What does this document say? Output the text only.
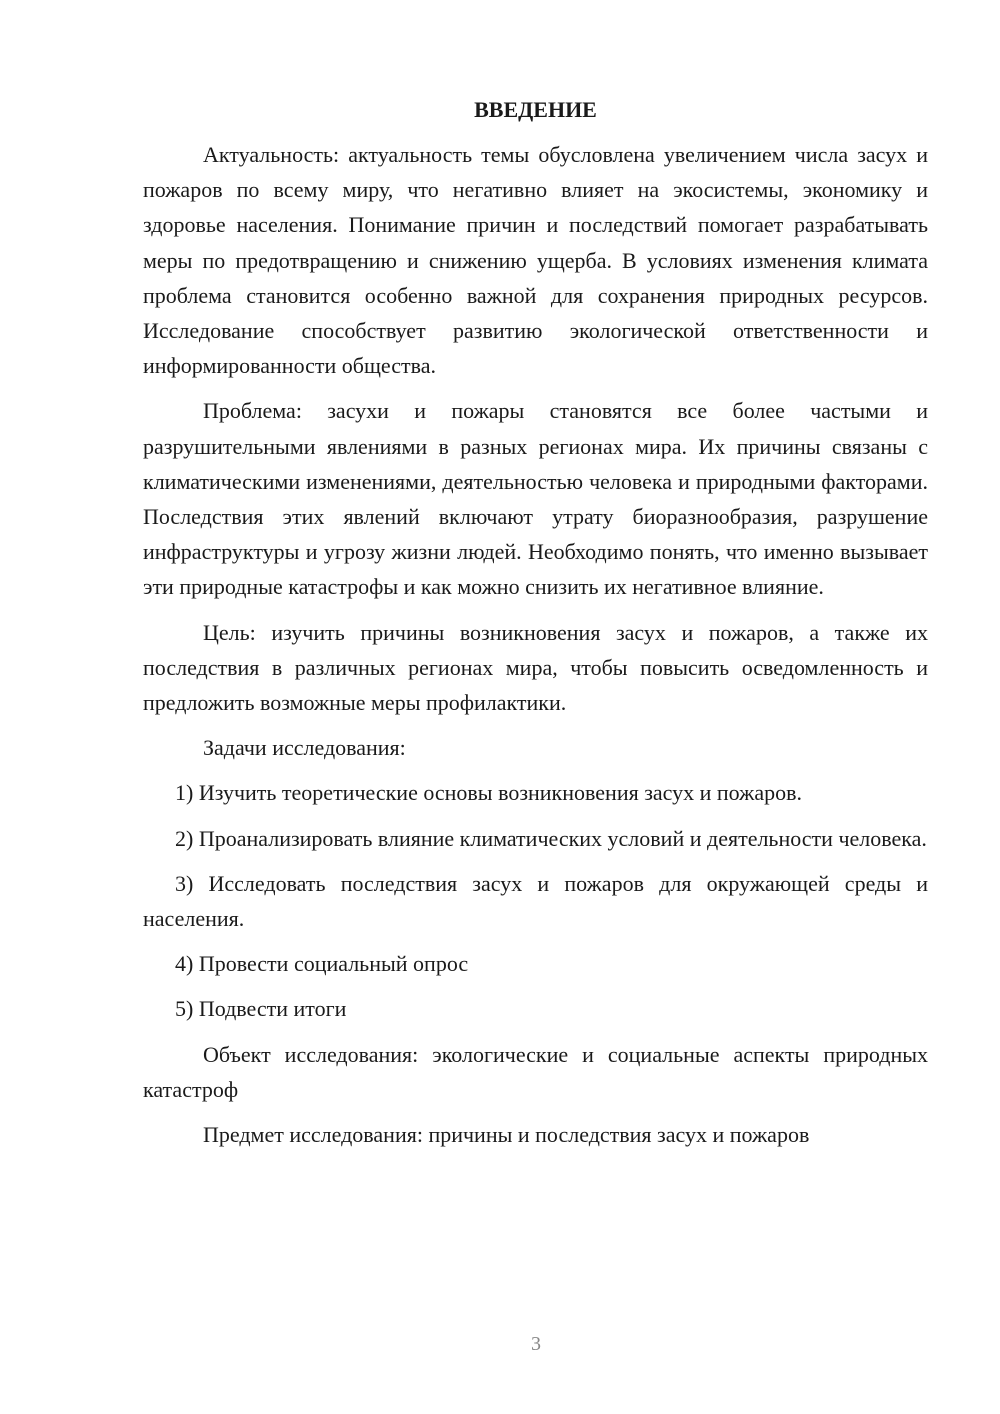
ВВЕДЕНИЕ

Актуальность: актуальность темы обусловлена увеличением числа засух и пожаров по всему миру, что негативно влияет на экосистемы, экономику и здоровье населения. Понимание причин и последствий помогает разрабатывать меры по предотвращению и снижению ущерба. В условиях изменения климата проблема становится особенно важной для сохранения природных ресурсов. Исследование способствует развитию экологической ответственности и информированности общества.

Проблема: засухи и пожары становятся все более частыми и разрушительными явлениями в разных регионах мира. Их причины связаны с климатическими изменениями, деятельностью человека и природными факторами. Последствия этих явлений включают утрату биоразнообразия, разрушение инфраструктуры и угрозу жизни людей. Необходимо понять, что именно вызывает эти природные катастрофы и как можно снизить их негативное влияние.

Цель: изучить причины возникновения засух и пожаров, а также их последствия в различных регионах мира, чтобы повысить осведомленность и предложить возможные меры профилактики.

Задачи исследования:

1) Изучить теоретические основы возникновения засух и пожаров.

2) Проанализировать влияние климатических условий и деятельности человека.

3) Исследовать последствия засух и пожаров для окружающей среды и населения.

4) Провести социальный опрос

5) Подвести итоги

Объект исследования: экологические и социальные аспекты природных катастроф

Предмет исследования: причины и последствия засух и пожаров

3
